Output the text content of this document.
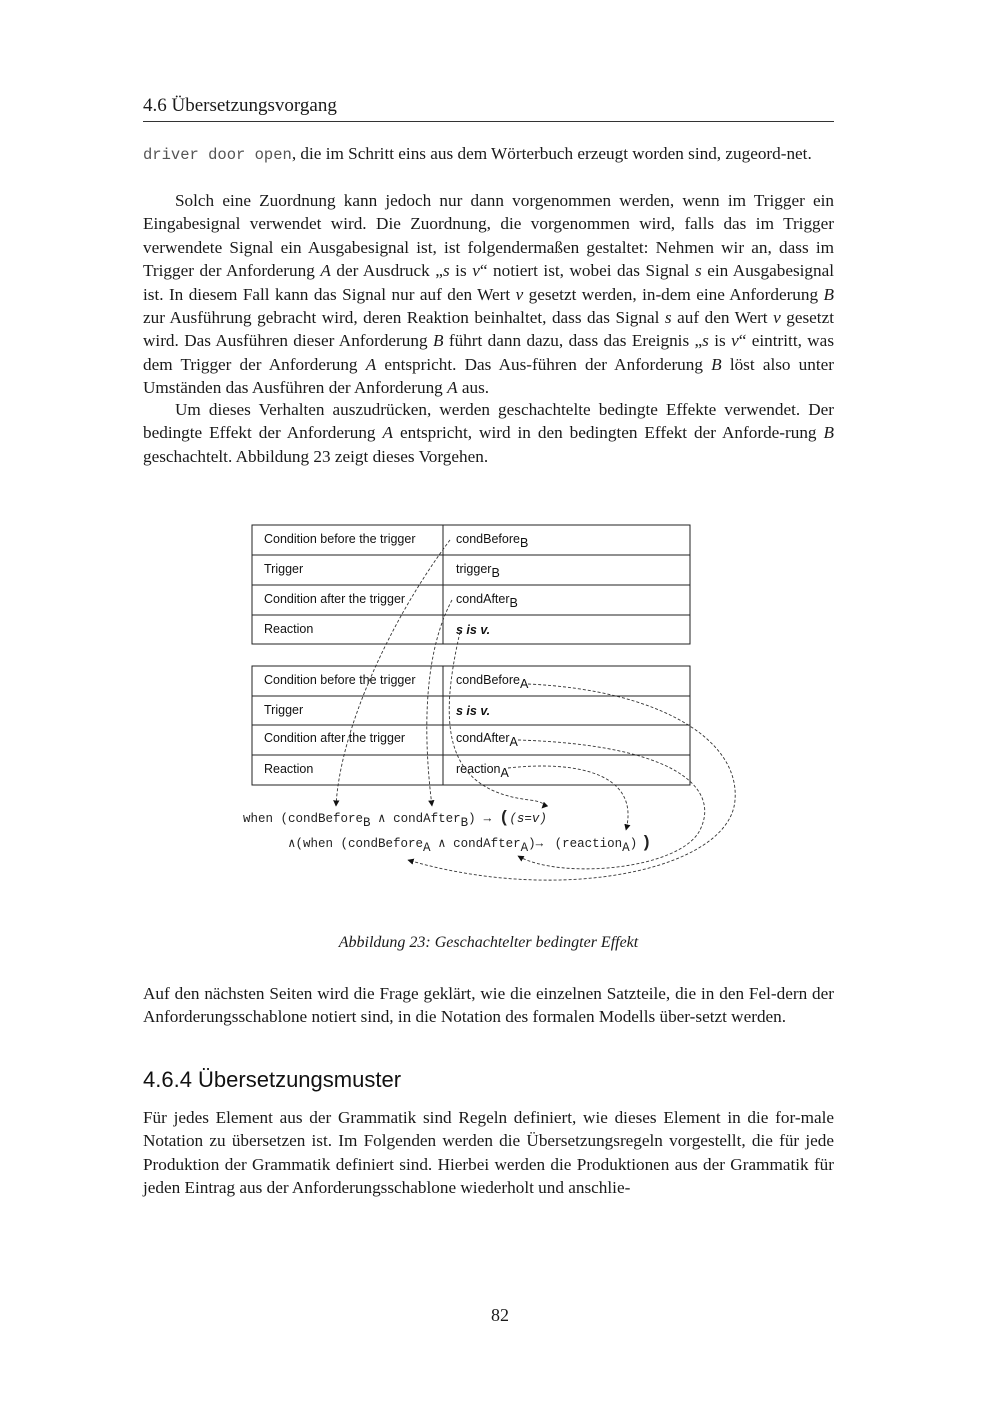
4.6 Übersetzungsvorgang

driver door open, die im Schritt eins aus dem Wörterbuch erzeugt worden sind, zugeord-net.

Solch eine Zuordnung kann jedoch nur dann vorgenommen werden, wenn im Trigger ein Eingabesignal verwendet wird. Die Zuordnung, die vorgenommen wird, falls das im Trigger verwendete Signal ein Ausgabesignal ist, ist folgendermaßen gestaltet: Nehmen wir an, dass im Trigger der Anforderung A der Ausdruck „s is v“ notiert ist, wobei das Signal s ein Ausgabesignal ist. In diesem Fall kann das Signal nur auf den Wert v gesetzt werden, in-dem eine Anforderung B zur Ausführung gebracht wird, deren Reaktion beinhaltet, dass das Signal s auf den Wert v gesetzt wird. Das Ausführen dieser Anforderung B führt dann dazu, dass das Ereignis „s is v“ eintritt, was dem Trigger der Anforderung A entspricht. Das Aus-führen der Anforderung B löst also unter Umständen das Ausführen der Anforderung A aus.

Um dieses Verhalten auszudrücken, werden geschachtelte bedingte Effekte verwendet. Der bedingte Effekt der Anforderung A entspricht, wird in den bedingten Effekt der Anforde-rung B geschachtelt. Abbildung 23 zeigt dieses Vorgehen.

Condition before the trigger
Trigger
Condition after the trigger
Reaction
condBeforeB
triggerB
condAfterB
s is v.
Condition before the trigger
Trigger
Condition after the trigger
Reaction
condBeforeA
s is v.
condAfterA
reactionA
when (condBeforeB ∧ condAfterB) → ((s=v)
∧(when (condBeforeA ∧ condAfterA)→ (reactionA) )
Abbildung 23: Geschachtelter bedingter Effekt

Auf den nächsten Seiten wird die Frage geklärt, wie die einzelnen Satzteile, die in den Fel-dern der Anforderungsschablone notiert sind, in die Notation des formalen Modells über-setzt werden.

4.6.4 Übersetzungsmuster

Für jedes Element aus der Grammatik sind Regeln definiert, wie dieses Element in die for-male Notation zu übersetzen ist. Im Folgenden werden die Übersetzungsregeln vorgestellt, die für jede Produktion der Grammatik definiert sind. Hierbei werden die Produktionen aus der Grammatik für jeden Eintrag aus der Anforderungsschablone wiederholt und anschlie-

82
